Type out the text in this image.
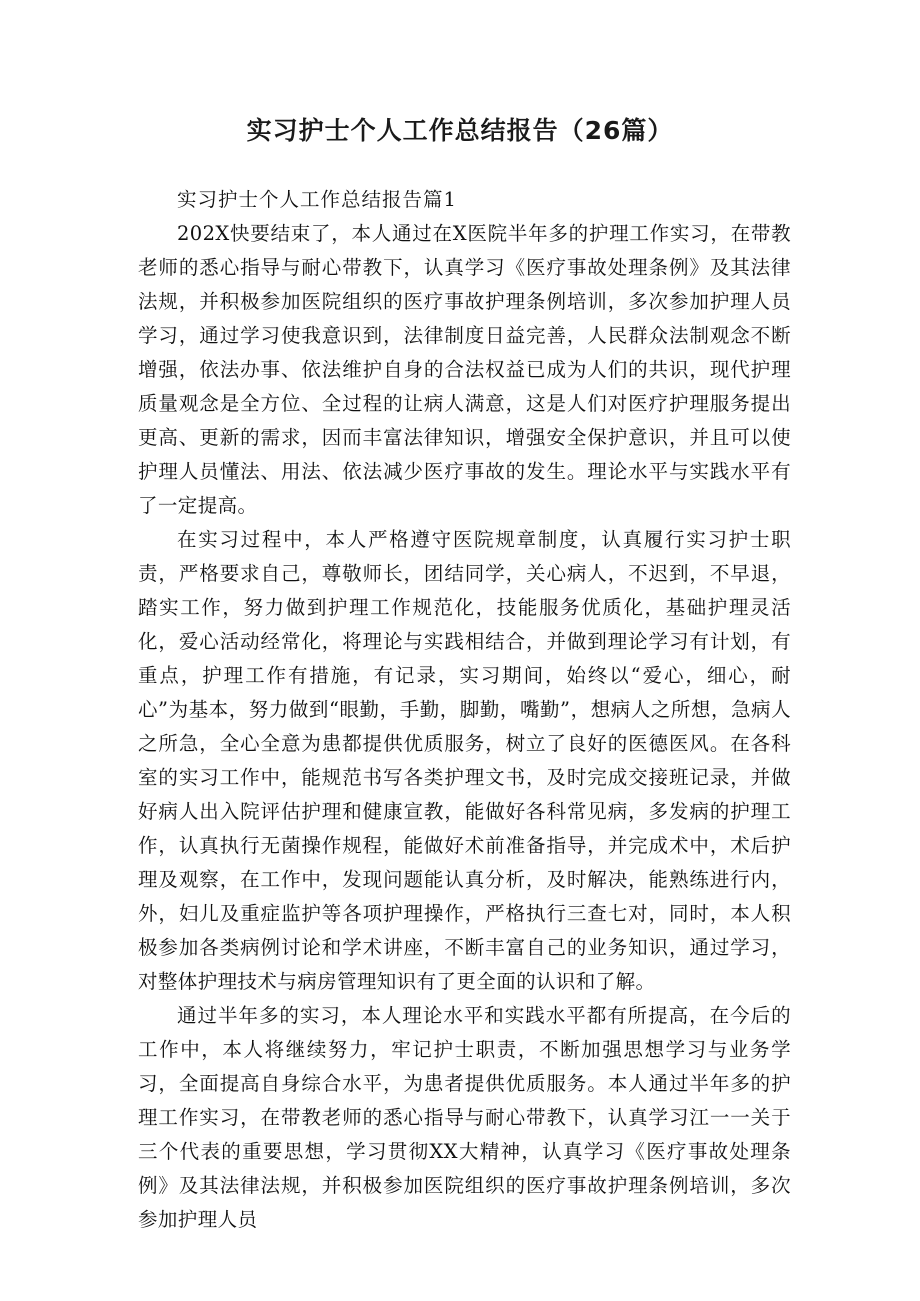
实习护士个人工作总结报告（26篇）

实习护士个人工作总结报告篇1

202X快要结束了，本人通过在X医院半年多的护理工作实习，在带教老师的悉心指导与耐心带教下，认真学习《医疗事故处理条例》及其法律法规，并积极参加医院组织的医疗事故护理条例培训，多次参加护理人员学习，通过学习使我意识到，法律制度日益完善，人民群众法制观念不断增强，依法办事、依法维护自身的合法权益已成为人们的共识，现代护理质量观念是全方位、全过程的让病人满意，这是人们对医疗护理服务提出更高、更新的需求，因而丰富法律知识，增强安全保护意识，并且可以使护理人员懂法、用法、依法减少医疗事故的发生。理论水平与实践水平有了一定提高。

在实习过程中，本人严格遵守医院规章制度，认真履行实习护士职责，严格要求自己，尊敬师长，团结同学，关心病人，不迟到，不早退，踏实工作，努力做到护理工作规范化，技能服务优质化，基础护理灵活化，爱心活动经常化，将理论与实践相结合，并做到理论学习有计划，有重点，护理工作有措施，有记录，实习期间，始终以“爱心，细心，耐心”为基本，努力做到“眼勤，手勤，脚勤，嘴勤”，想病人之所想，急病人之所急，全心全意为患都提供优质服务，树立了良好的医德医风。在各科室的实习工作中，能规范书写各类护理文书，及时完成交接班记录，并做好病人出入院评估护理和健康宣教，能做好各科常见病，多发病的护理工作，认真执行无菌操作规程，能做好术前准备指导，并完成术中，术后护理及观察，在工作中，发现问题能认真分析，及时解决，能熟练进行内，外，妇儿及重症监护等各项护理操作，严格执行三查七对，同时，本人积极参加各类病例讨论和学术讲座，不断丰富自己的业务知识，通过学习，对整体护理技术与病房管理知识有了更全面的认识和了解。

通过半年多的实习，本人理论水平和实践水平都有所提高，在今后的工作中，本人将继续努力，牢记护士职责，不断加强思想学习与业务学习，全面提高自身综合水平，为患者提供优质服务。本人通过半年多的护理工作实习，在带教老师的悉心指导与耐心带教下，认真学习江一一关于三个代表的重要思想，学习贯彻XX大精神，认真学习《医疗事故处理条例》及其法律法规，并积极参加医院组织的医疗事故护理条例培训，多次参加护理人员
